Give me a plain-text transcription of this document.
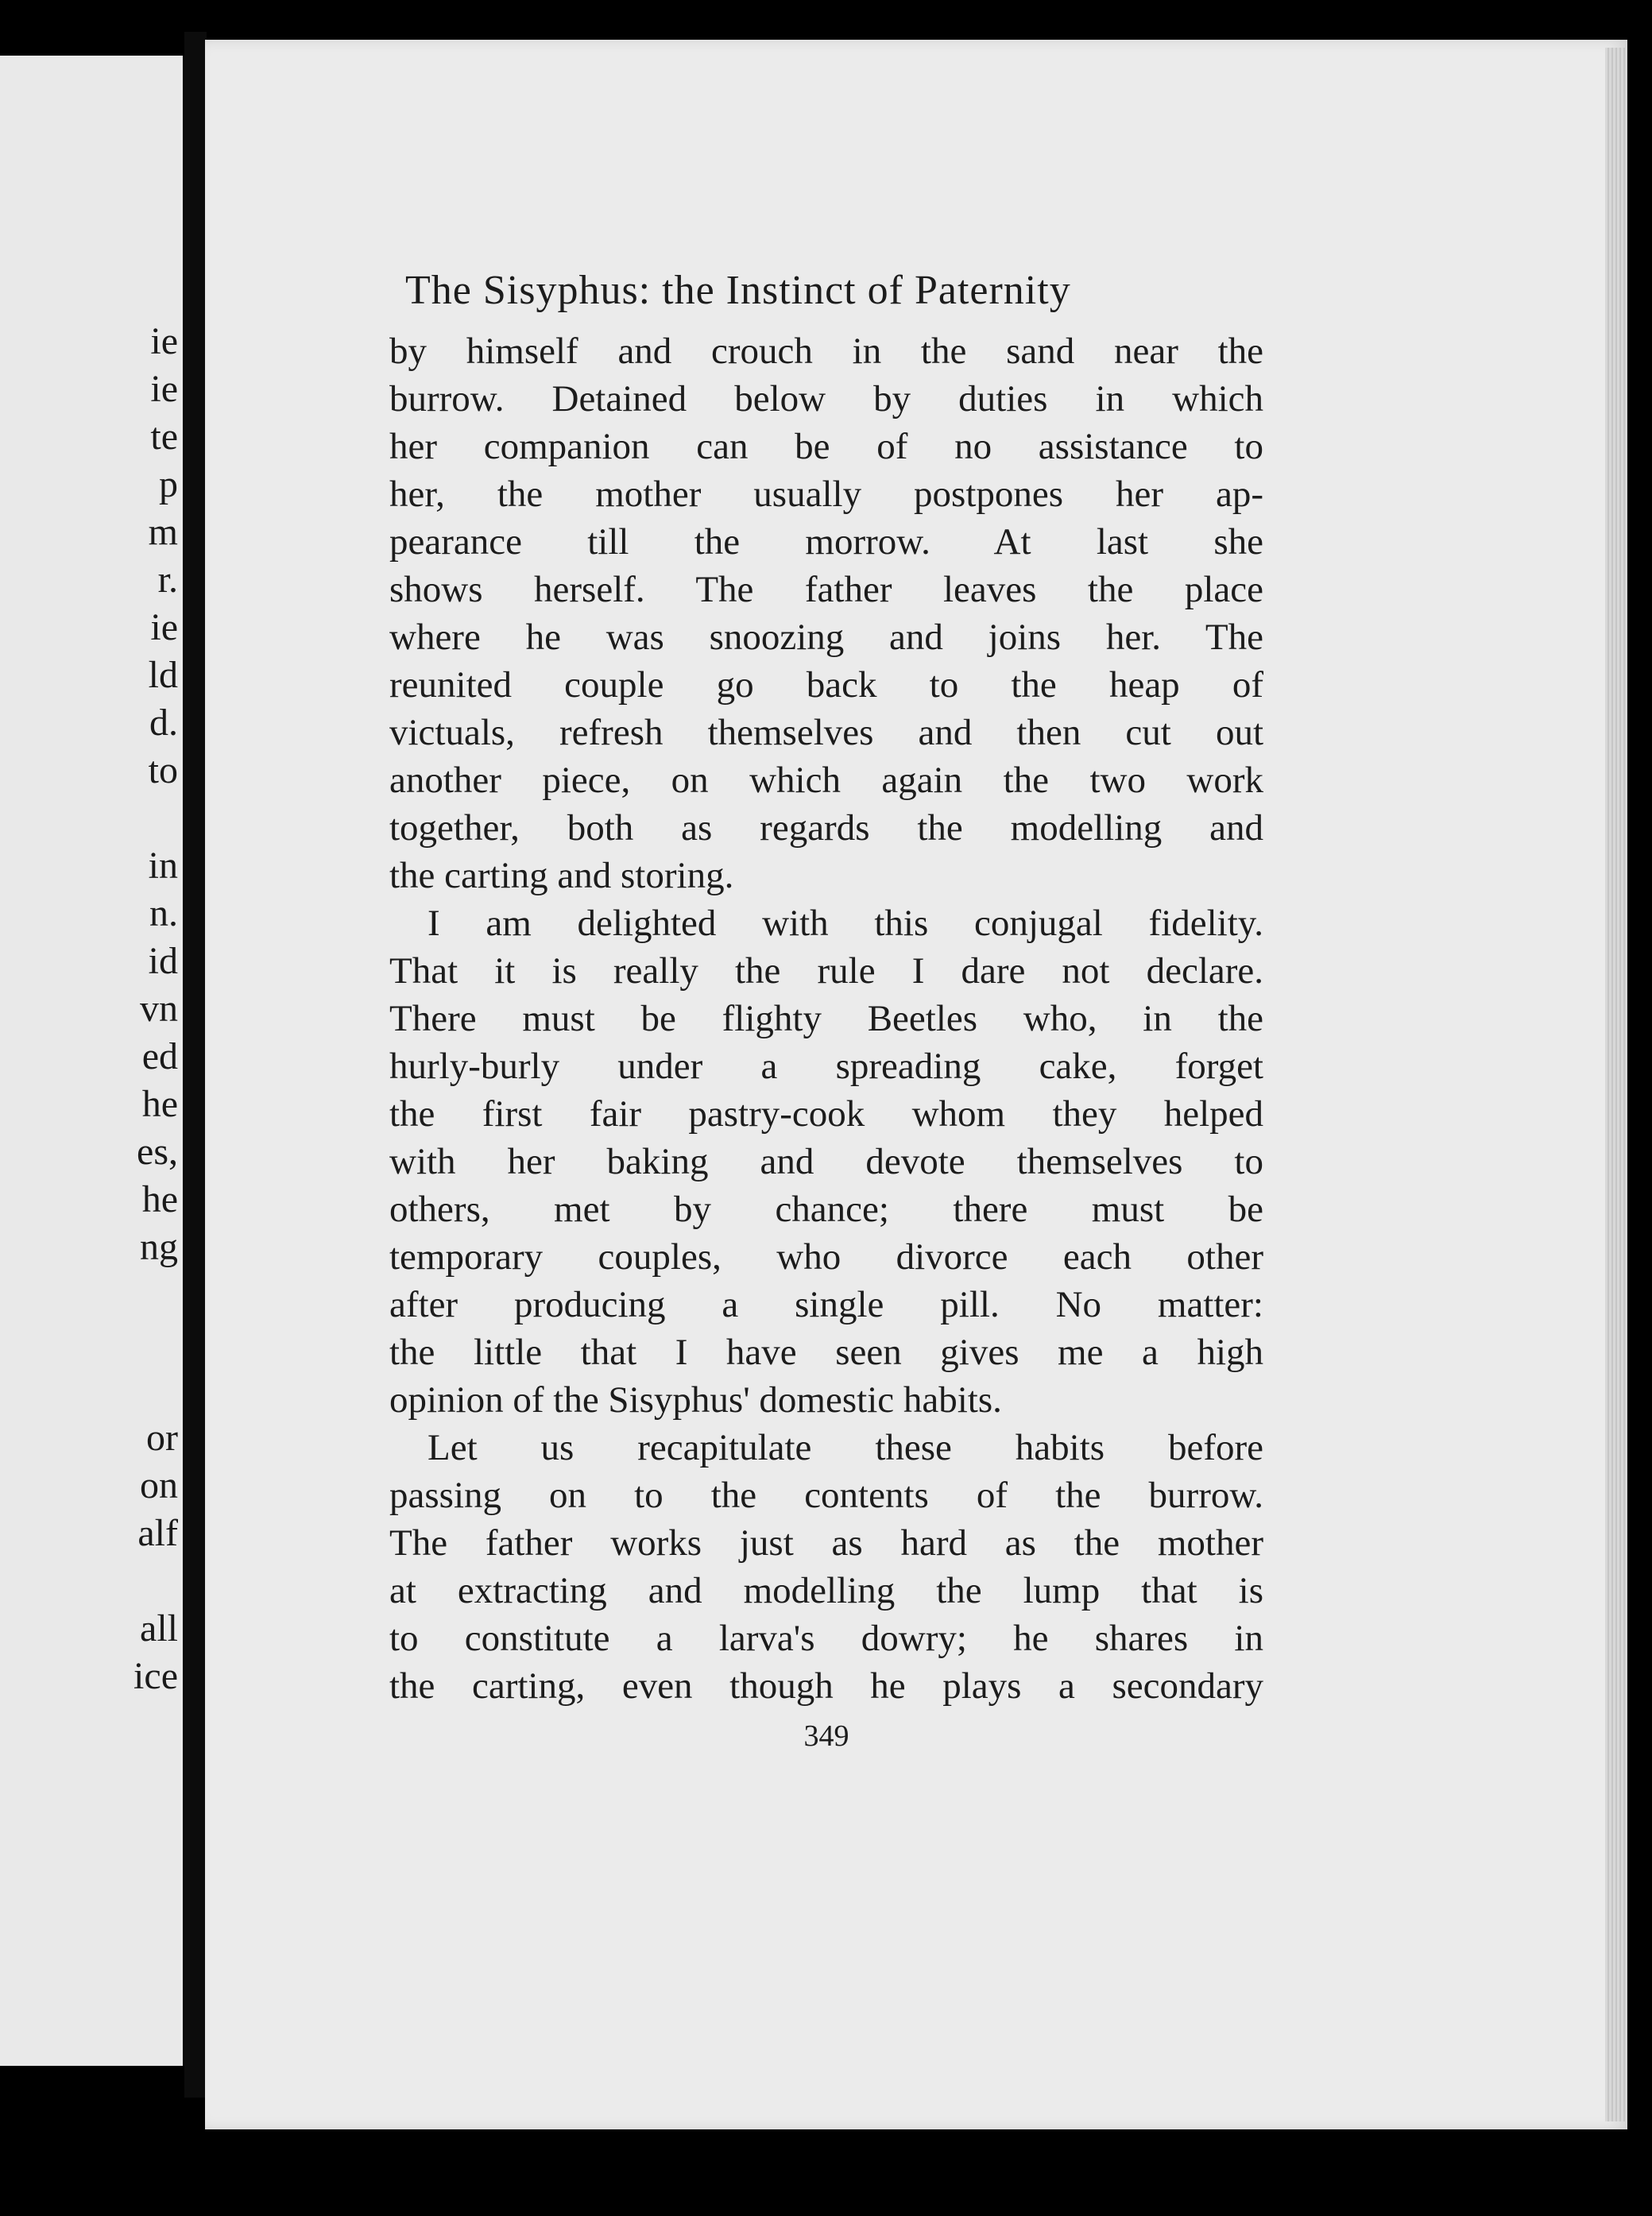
ie
ie
te
p
m
r.
ie
ld
d.
to
in
n.
id
vn
ed
he
es,
he
ng
or
on
alf
all
ice
The Sisyphus: the Instinct of Paternity
by himself and crouch in the sand near the
burrow. Detained below by duties in which
her companion can be of no assistance to
her, the mother usually postpones her ap-
pearance till the morrow. At last she
shows herself. The father leaves the place
where he was snoozing and joins her. The
reunited couple go back to the heap of
victuals, refresh themselves and then cut out
another piece, on which again the two work
together, both as regards the modelling and
the carting and storing.
I am delighted with this conjugal fidelity.
That it is really the rule I dare not declare.
There must be flighty Beetles who, in the
hurly-burly under a spreading cake, forget
the first fair pastry-cook whom they helped
with her baking and devote themselves to
others, met by chance; there must be
temporary couples, who divorce each other
after producing a single pill. No matter:
the little that I have seen gives me a high
opinion of the Sisyphus' domestic habits.
Let us recapitulate these habits before
passing on to the contents of the burrow.
The father works just as hard as the mother
at extracting and modelling the lump that is
to constitute a larva's dowry; he shares in
the carting, even though he plays a secondary
349
